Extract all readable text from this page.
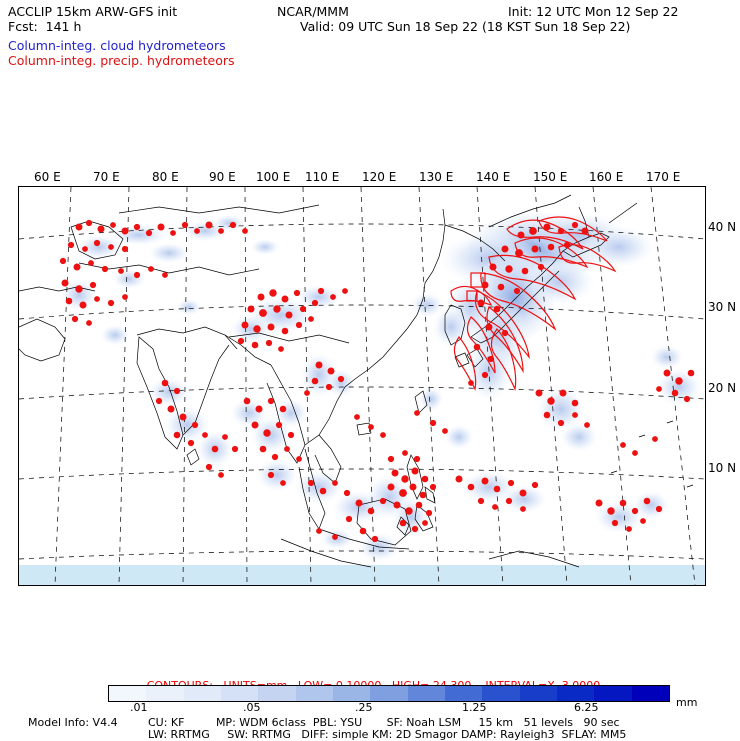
ACCLIP 15km ARW-GFS init	NCAR/MMM	Init: 12 UTC Mon 12 Sep 22
Fcst:  141 h	Valid: 09 UTC Sun 18 Sep 22 (18 KST Sun 18 Sep 22)
Column-integ. cloud hydrometeors
Column-integ. precip. hydrometeors
60 E	70 E	80 E	90 E 100 E 110 E 120 E 130 E 140 E 150 E 160 E 170 E
40 N
30 N
20 N
10 N

.01	.05	.25	1.25	6.25	mm
Model Info: V4.4	CU: KF         MP: WDM 6class  PBL: YSU       SF: Noah LSM     15 km   51 levels   90 sec
LW: RRTMG     SW: RRTMG   DIFF: simple KM: 2D Smagor DAMP: Rayleigh3  SFLAY: MM5
